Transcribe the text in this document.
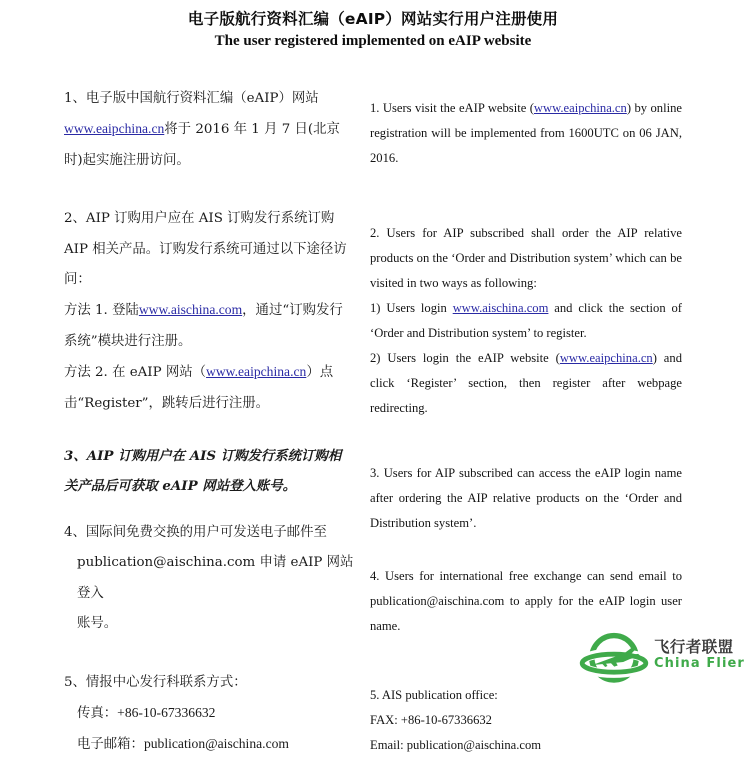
电子版航行资料汇编（eAIP）网站实行用户注册使用
The user registered implemented on eAIP website

1、电子版中国航行资料汇编（eAIP）网站www.eaipchina.cn将于 2016 年 1 月 7 日(北京时)起实施注册访问。

2、AIP 订购用户应在 AIS 订购发行系统订购 AIP 相关产品。订购发行系统可通过以下途径访问：

方法 1. 登陆www.aischina.com，通过“订购发行系统”模块进行注册。

方法 2. 在 eAIP 网站（www.eaipchina.cn）点击“Register”，跳转后进行注册。

3、AIP 订购用户在 AIS 订购发行系统订购相关产品后可获取 eAIP 网站登入账号。

4、国际间免费交换的用户可发送电子邮件至

publication@aischina.com 申请 eAIP 网站登入

账号。

5、情报中心发行科联系方式：

传真：+86-10-67336632

电子邮箱：publication@aischina.com

1. Users visit the eAIP website (www.eaipchina.cn) by online registration will be implemented from 1600UTC on 06 JAN, 2016.

2. Users for AIP subscribed shall order the AIP relative products on the ‘Order and Distribution system’ which can be visited in two ways as following:

1) Users login www.aischina.com and click the section of ‘Order and Distribution system’ to register.

2) Users login the eAIP website (www.eaipchina.cn) and click ‘Register’ section, then register after webpage redirecting.

3. Users for AIP subscribed can access the eAIP login name after ordering the AIP relative products on the ‘Order and Distribution system’.

4. Users for international free exchange can send email to publication@aischina.com to apply for the eAIP login user name.

5. AIS publication office:

FAX: +86-10-67336632

Email: publication@aischina.com

飞行者联盟
China Flier
